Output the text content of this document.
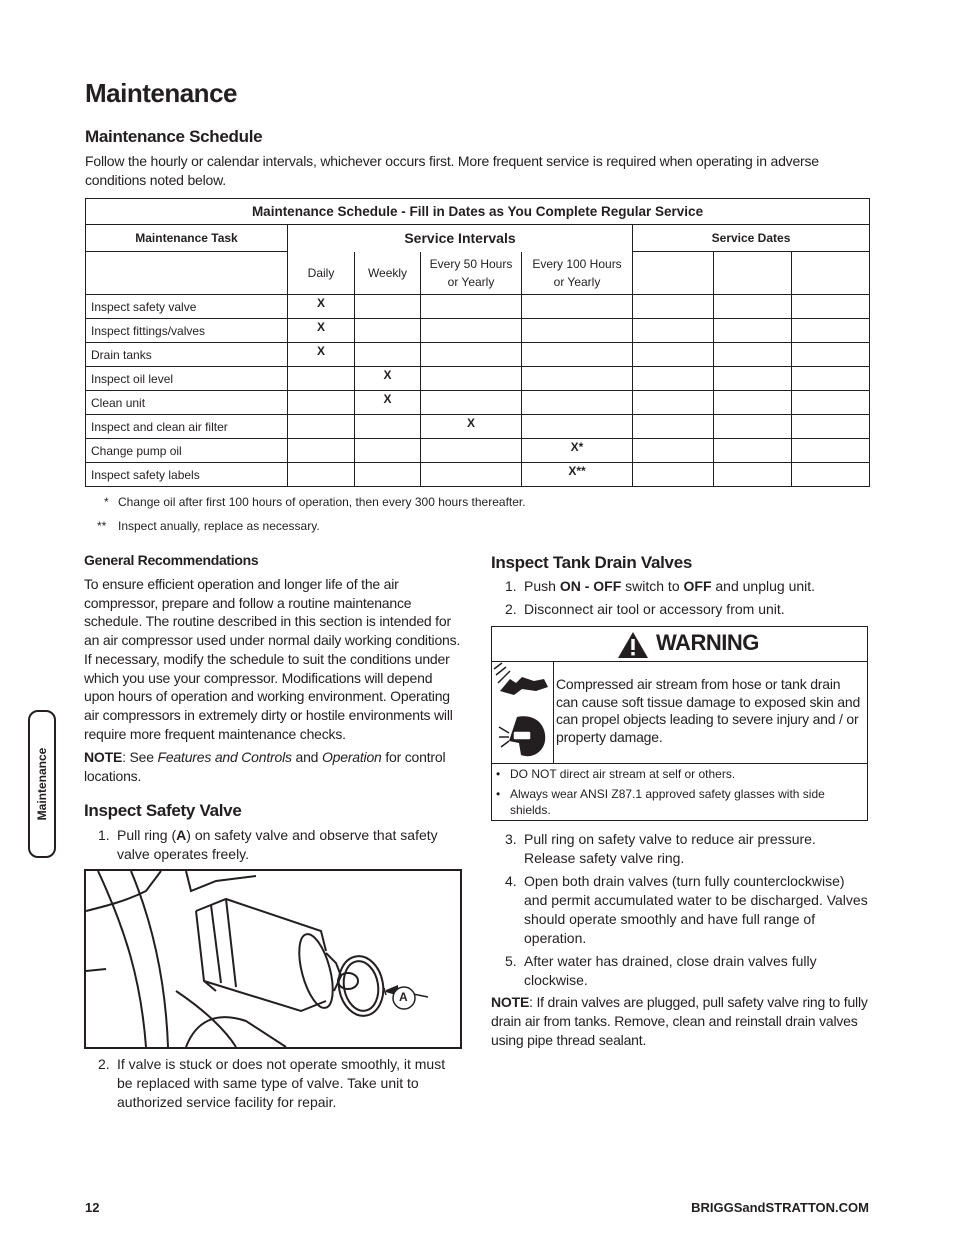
Maintenance
Maintenance Schedule

Follow the hourly or calendar intervals, whichever occurs first. More frequent service is required when operating in adverse conditions noted below.

Maintenance Schedule - Fill in Dates as You Complete Regular Service							
Maintenance Task	Service Intervals				Service Dates		
	Daily	Weekly	Every 50 Hours
or Yearly	Every 100 Hours
or Yearly			
Inspect safety valve	X						
Inspect fittings/valves	X						
Drain tanks	X						
Inspect oil level		X					
Clean unit		X					
Inspect and clean air filter			X				
Change pump oil				X*			
Inspect safety labels				X**			
* Change oil after first 100 hours of operation, then every 300 hours thereafter.
** Inspect anually, replace as necessary.
General Recommendations

To ensure efficient operation and longer life of the air compressor, prepare and follow a routine maintenance schedule. The routine described in this section is intended for an air compressor used under normal daily working conditions. If necessary, modify the schedule to suit the conditions under which you use your compressor. Modifications will depend upon hours of operation and working environment. Operating air compressors in extremely dirty or hostile environments will require more frequent maintenance checks.

NOTE: See Features and Controls and Operation for control locations.

Inspect Safety Valve
1. Pull ring (A) on safety valve and observe that safety valve operates freely.
A
2. If valve is stuck or does not operate smoothly, it must be replaced with same type of valve. Take unit to authorized service facility for repair.
Inspect Tank Drain Valves
1. Push ON - OFF switch to OFF and unplug unit.
2. Disconnect air tool or accessory from unit.
WARNING
Compressed air stream from hose or tank drain can cause soft tissue damage to exposed skin and can propel objects leading to severe injury and / or property damage.
• DO NOT direct air stream at self or others.
• Always wear ANSI Z87.1 approved safety glasses with side shields.
3. Pull ring on safety valve to reduce air pressure. Release safety valve ring.
4. Open both drain valves (turn fully counterclockwise) and permit accumulated water to be discharged. Valves should operate smoothly and have full range of operation.
5. After water has drained, close drain valves fully clockwise.

NOTE: If drain valves are plugged, pull safety valve ring to fully drain air from tanks. Remove, clean and reinstall drain valves using pipe thread sealant.

Maintenance
12	BRIGGSandSTRATTON.COM
